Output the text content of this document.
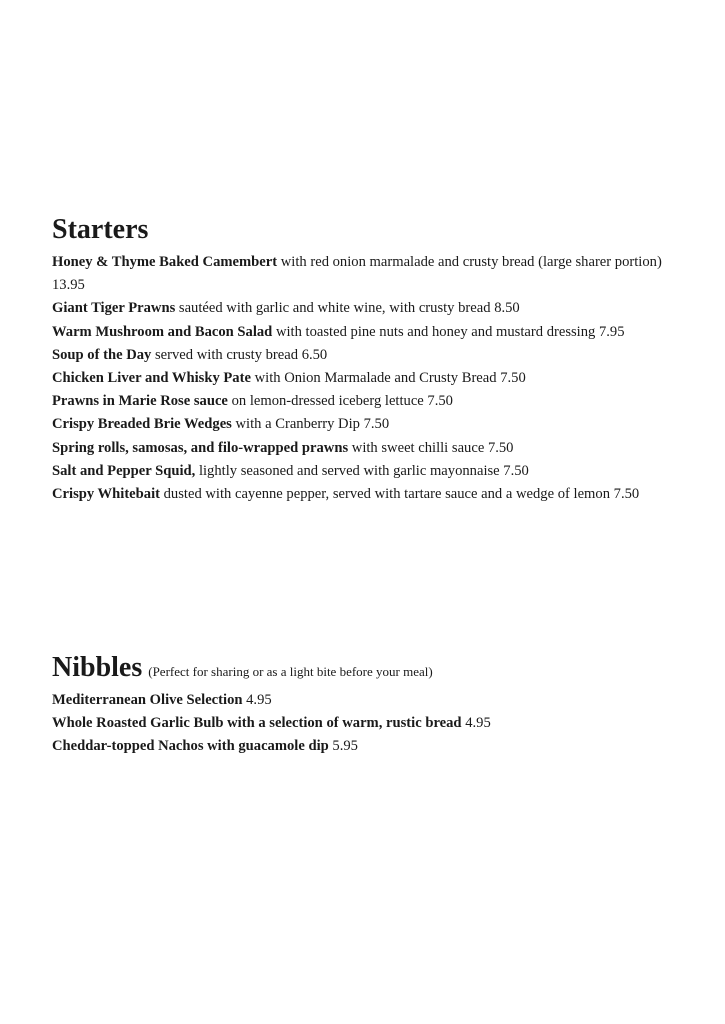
Starters
Honey & Thyme Baked Camembert with red onion marmalade and crusty bread (large sharer portion) 13.95
Giant Tiger Prawns sautéed with garlic and white wine, with crusty bread 8.50
Warm Mushroom and Bacon Salad with toasted pine nuts and honey and mustard dressing 7.95
Soup of the Day served with crusty bread 6.50
Chicken Liver and Whisky Pate with Onion Marmalade and Crusty Bread 7.50
Prawns in Marie Rose sauce on lemon-dressed iceberg lettuce 7.50
Crispy Breaded Brie Wedges with a Cranberry Dip 7.50
Spring rolls, samosas, and filo-wrapped prawns with sweet chilli sauce 7.50
Salt and Pepper Squid, lightly seasoned and served with garlic mayonnaise 7.50
Crispy Whitebait dusted with cayenne pepper, served with tartare sauce and a wedge of lemon 7.50
Nibbles (Perfect for sharing or as a light bite before your meal)
Mediterranean Olive Selection 4.95
Whole Roasted Garlic Bulb with a selection of warm, rustic bread 4.95
Cheddar-topped Nachos with guacamole dip 5.95
